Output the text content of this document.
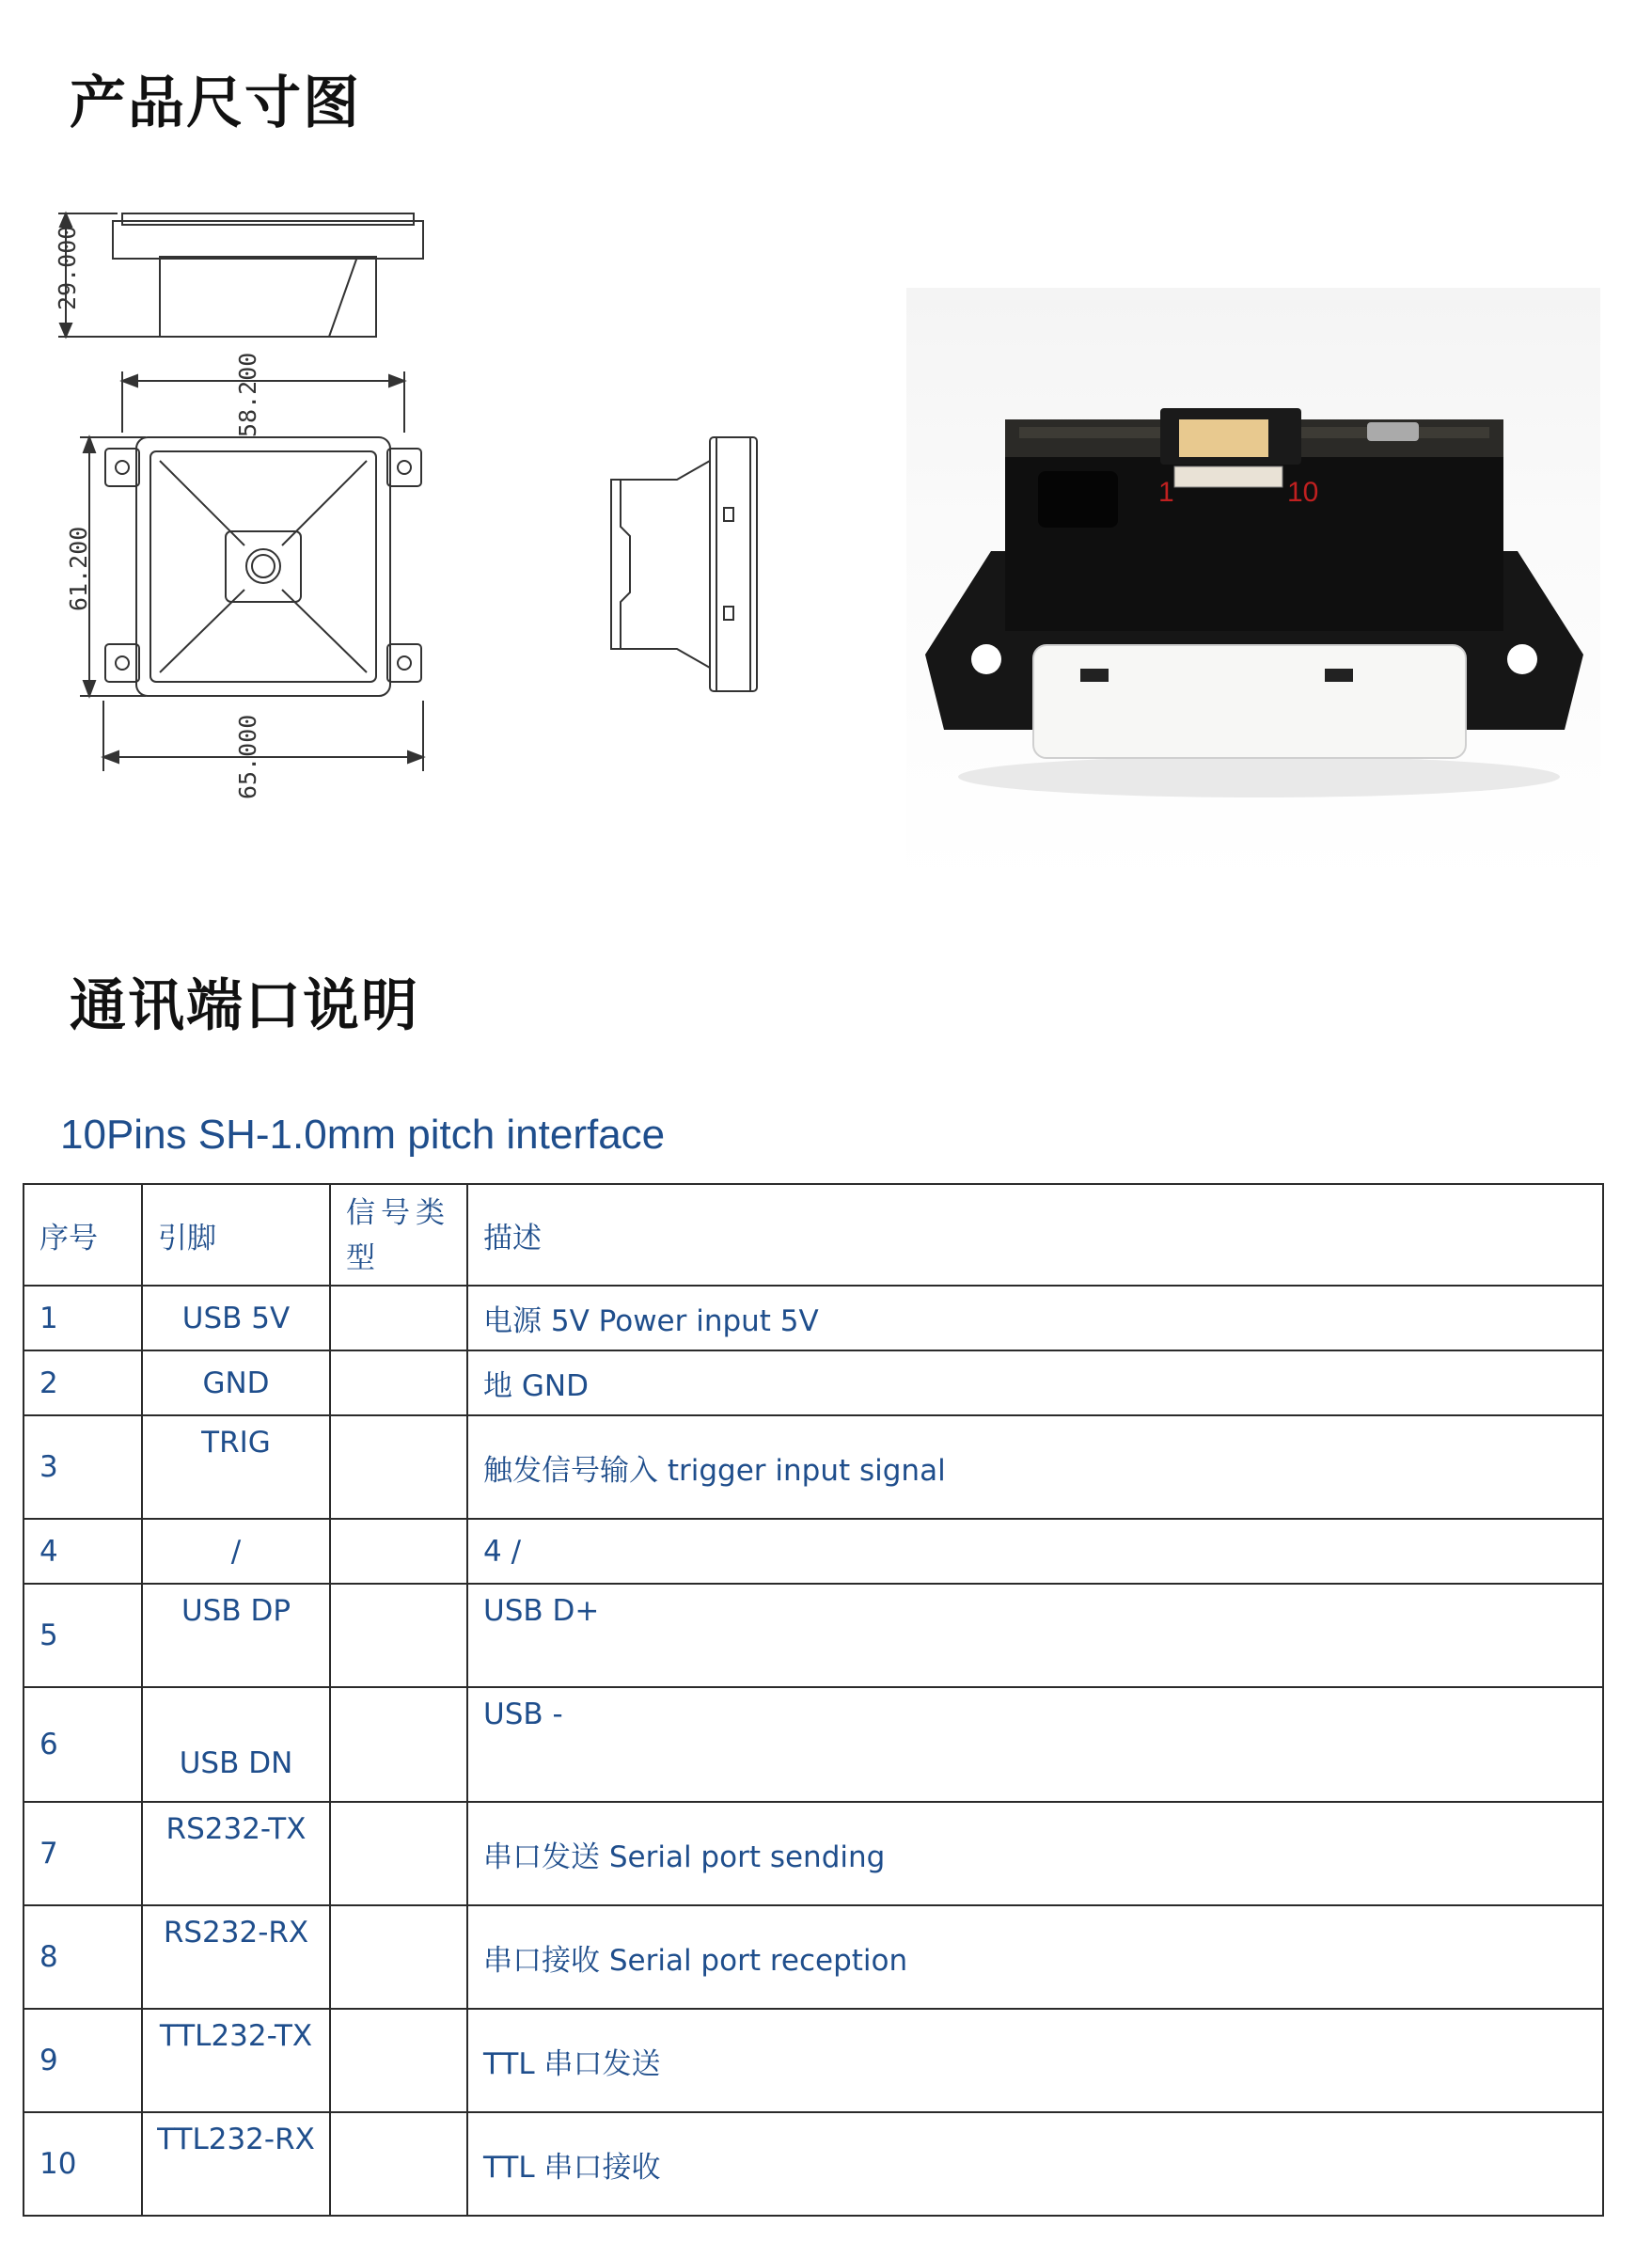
产品尺寸图
29.000
58.200
61.200
65.000
1	10
通讯端口说明
10Pins SH-1.0mm pitch interface
序号	引脚	信号类型	描述
1	USB 5V		电源 5V Power input 5V
2	GND		地 GND
3	TRIG		触发信号输入 trigger input signal
4	/		4 /
5	USB DP		USB D+
6	USB DN		USB -
7	RS232-TX		串口发送 Serial port sending
8	RS232-RX		串口接收 Serial port reception
9	TTL232-TX		TTL 串口发送
10	TTL232-RX		TTL 串口接收
